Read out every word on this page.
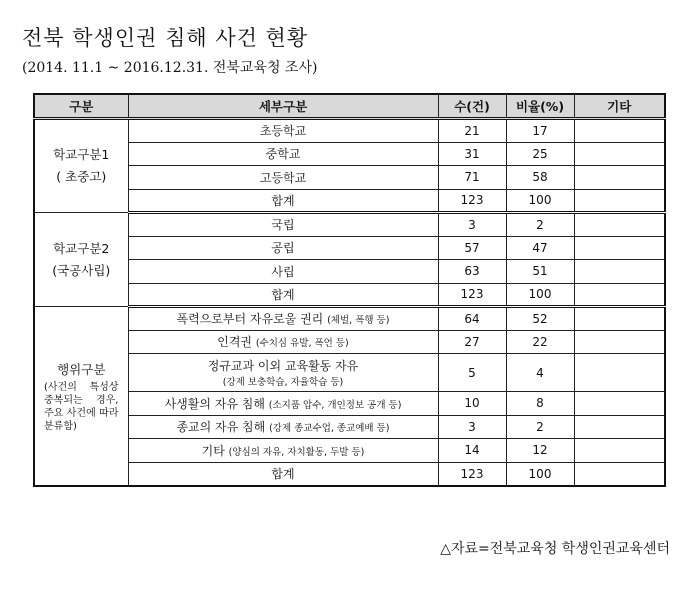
전북 학생인권 침해 사건 현황
(2014. 11.1 ~ 2016.12.31. 전북교육청 조사)
구분	세부구분	수(건)	비율(%)	기타

학교구분1
( 초중고)	초등학교	21	17	
	중학교	31	25	
	고등학교	71	58	
	합계	123	100	

학교구분2
(국공사립)	국립	3	2	
	공립	57	47	
	사립	63	51	
	합계	123	100	

행위구분
(사건의 특성상 중복되는 경우, 주요 사건에 따라 분류함)	폭력으로부터 자유로울 권리 (체벌, 폭행 등)	64	52	
	인격권 (수치심 유발, 폭언 등)	27	22	

	정규교과 이외 교육활동 자유
(강제 보충학습, 자율학습 등)	5	4	
	사생활의 자유 침해 (소지품 압수, 개인정보 공개 등)	10	8	
	종교의 자유 침해 (강제 종교수업, 종교예배 등)	3	2	
	기타 (양심의 자유, 자치활동, 두발 등)	14	12	
	합계	123	100	
△자료=전북교육청 학생인권교육센터
